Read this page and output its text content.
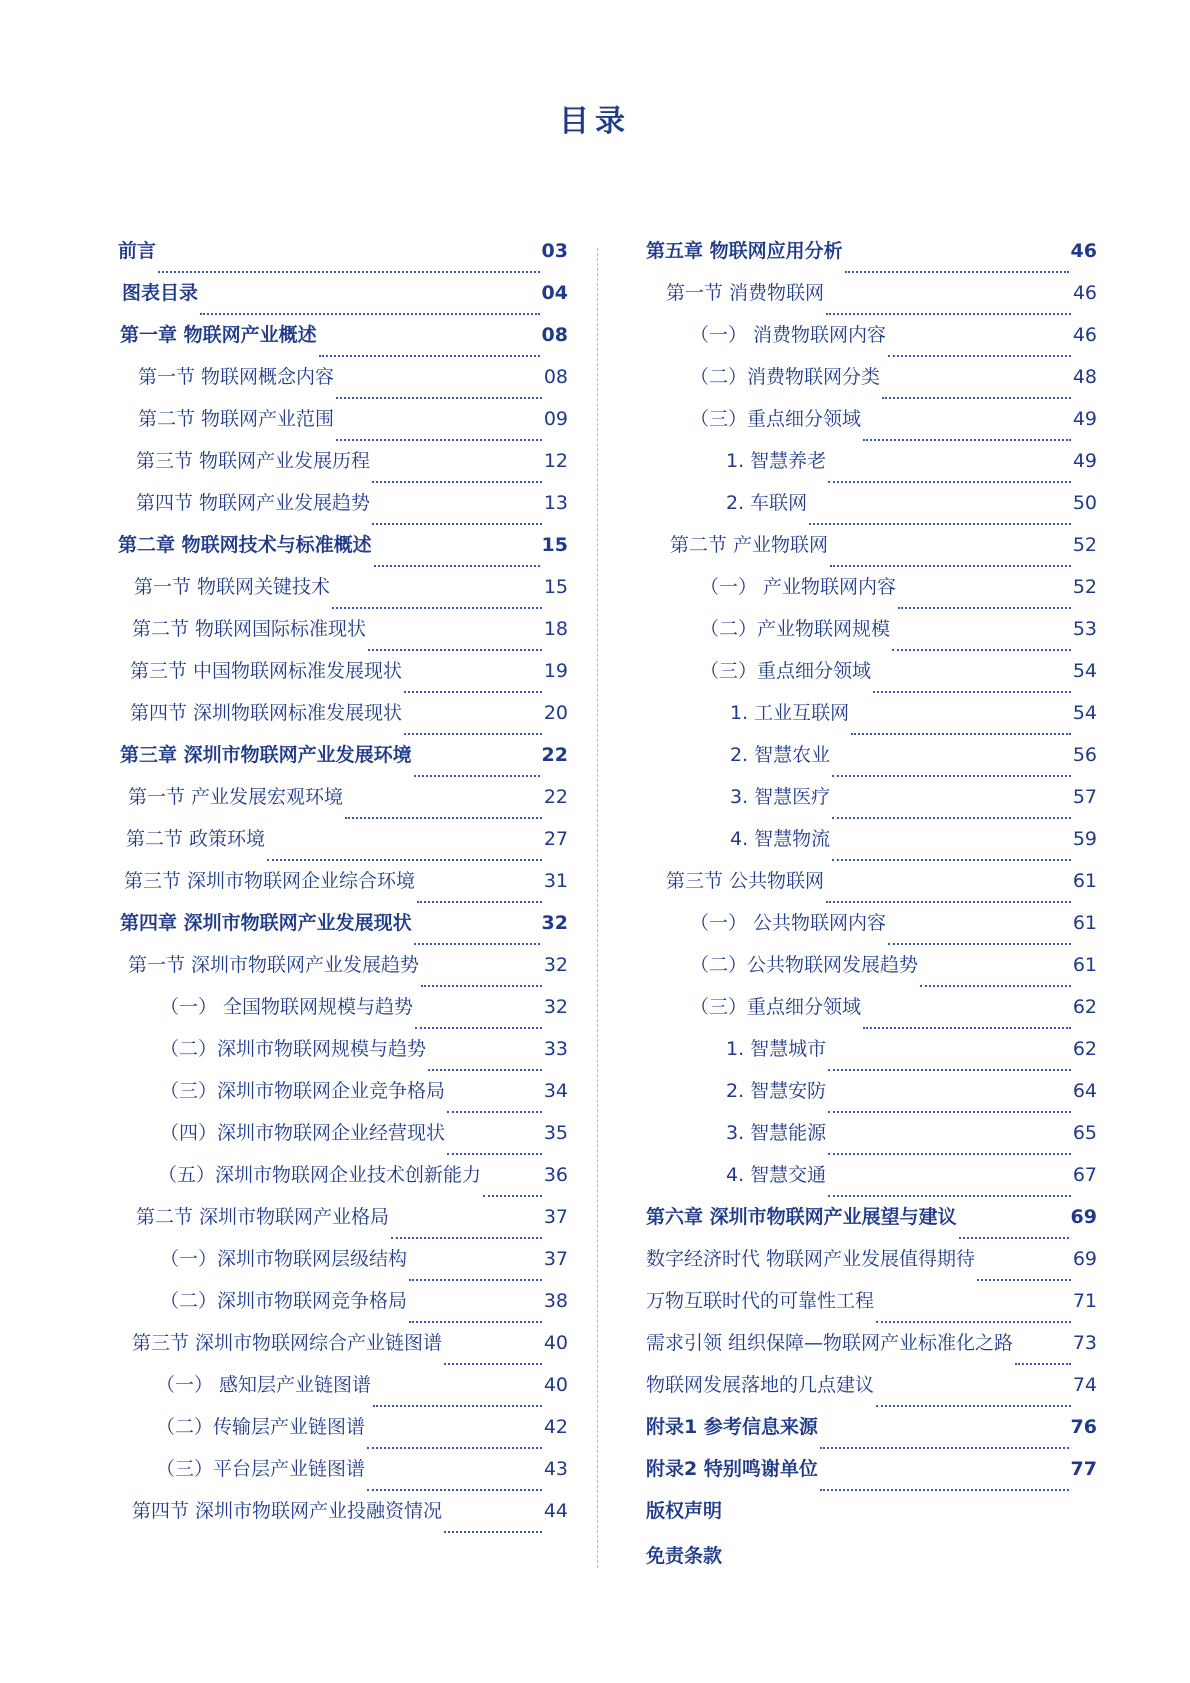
目录
前言	03
图表目录	04
第一章 物联网产业概述	08
第一节 物联网概念内容	08
第二节 物联网产业范围	09
第三节 物联网产业发展历程	12
第四节 物联网产业发展趋势	13
第二章 物联网技术与标准概述	15
第一节 物联网关键技术	15
第二节 物联网国际标准现状	18
第三节 中国物联网标准发展现状	19
第四节 深圳物联网标准发展现状	20
第三章 深圳市物联网产业发展环境	22
第一节 产业发展宏观环境	22
第二节 政策环境	27
第三节 深圳市物联网企业综合环境	31
第四章 深圳市物联网产业发展现状	32
第一节 深圳市物联网产业发展趋势	32
（一） 全国物联网规模与趋势	32
（二）深圳市物联网规模与趋势	33
（三）深圳市物联网企业竞争格局	34
（四）深圳市物联网企业经营现状	35
（五）深圳市物联网企业技术创新能力	36
第二节 深圳市物联网产业格局	37
（一）深圳市物联网层级结构	37
（二）深圳市物联网竞争格局	38
第三节 深圳市物联网综合产业链图谱	40
（一） 感知层产业链图谱	40
（二）传输层产业链图谱	42
（三）平台层产业链图谱	43
第四节 深圳市物联网产业投融资情况	44
第五章 物联网应用分析	46
第一节 消费物联网	46
（一） 消费物联网内容	46
（二）消费物联网分类	48
（三）重点细分领域	49
1. 智慧养老	49
2. 车联网	50
第二节 产业物联网	52
（一） 产业物联网内容	52
（二）产业物联网规模	53
（三）重点细分领域	54
1. 工业互联网	54
2. 智慧农业	56
3. 智慧医疗	57
4. 智慧物流	59
第三节 公共物联网	61
（一） 公共物联网内容	61
（二）公共物联网发展趋势	61
（三）重点细分领域	62
1. 智慧城市	62
2. 智慧安防	64
3. 智慧能源	65
4. 智慧交通	67
第六章 深圳市物联网产业展望与建议	69
数字经济时代 物联网产业发展值得期待	69
万物互联时代的可靠性工程	71
需求引领 组织保障—物联网产业标准化之路	73
物联网发展落地的几点建议	74
附录1 参考信息来源	76
附录2 特别鸣谢单位	77
版权声明
免责条款
